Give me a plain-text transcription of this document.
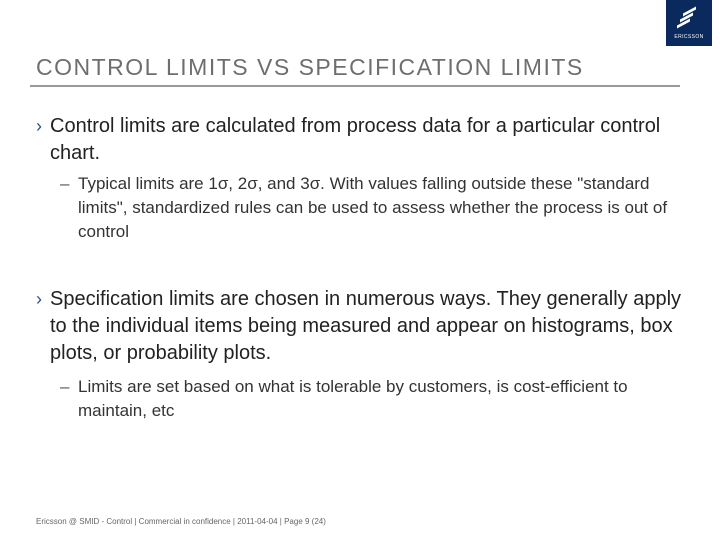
ERICSSON
CONTROL LIMITS VS SPECIFICATION LIMITS
› Control limits are calculated from process data for a particular control chart.
– Typical limits are 1σ, 2σ, and 3σ. With values falling outside these "standard limits", standardized rules can be used to assess whether the process is out of control
› Specification limits are chosen in numerous ways. They generally apply to the individual items being measured and appear on histograms, box plots, or probability plots.
– Limits are set based on what is tolerable by customers, is cost-efficient to maintain, etc
Ericsson @ SMID - Control | Commercial in confidence | 2011-04-04 | Page 9 (24)
